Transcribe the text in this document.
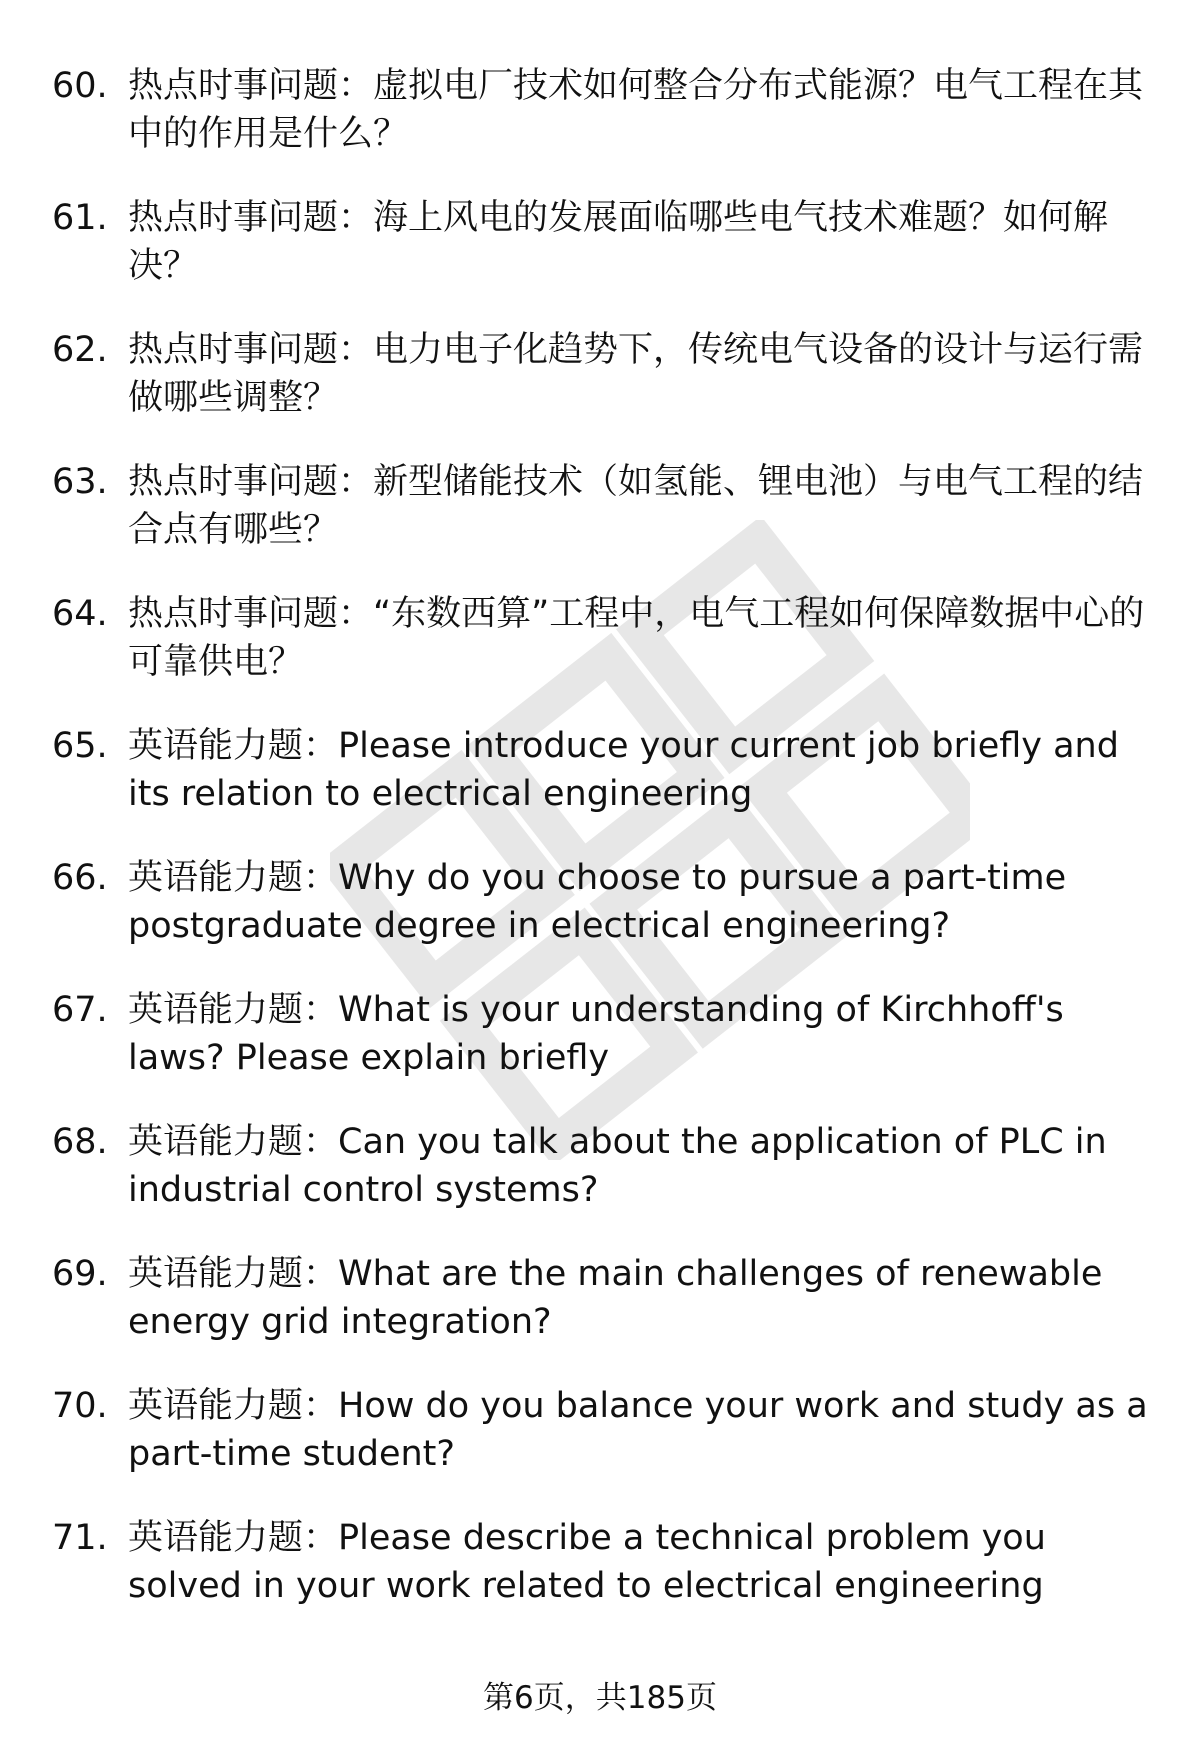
60. 热点时事问题：虚拟电厂技术如何整合分布式能源？电气工程在其中的作用是什么？
61. 热点时事问题：海上风电的发展面临哪些电气技术难题？如何解决？
62. 热点时事问题：电力电子化趋势下，传统电气设备的设计与运行需做哪些调整？
63. 热点时事问题：新型储能技术（如氢能、锂电池）与电气工程的结合点有哪些？
64. 热点时事问题：“东数西算”工程中，电气工程如何保障数据中心的可靠供电？
65. 英语能力题：Please introduce your current job briefly and its relation to electrical engineering
66. 英语能力题：Why do you choose to pursue a part-time postgraduate degree in electrical engineering?
67. 英语能力题：What is your understanding of Kirchhoff's laws? Please explain briefly
68. 英语能力题：Can you talk about the application of PLC in industrial control systems?
69. 英语能力题：What are the main challenges of renewable energy grid integration?
70. 英语能力题：How do you balance your work and study as a part-time student?
71. 英语能力题：Please describe a technical problem you solved in your work related to electrical engineering
第6页，共185页
